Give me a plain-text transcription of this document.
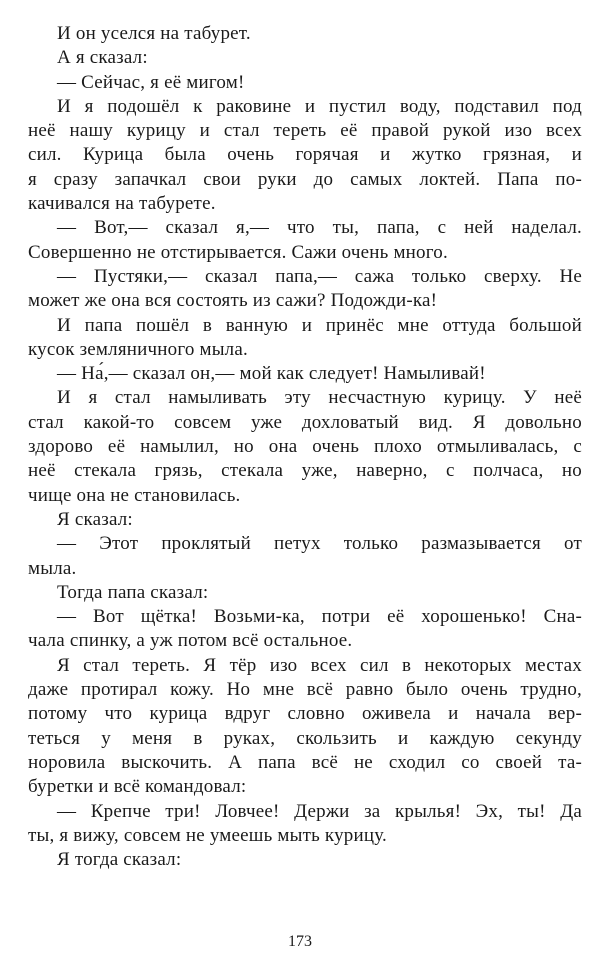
И он уселся на табурет.
А я сказал:
— Сейчас, я её мигом!
И я подошёл к раковине и пустил воду, подставил под
неё нашу курицу и стал тереть её правой рукой изо всех
сил. Курица была очень горячая и жутко грязная, и
я сразу запачкал свои руки до самых локтей. Папа по-
качивался на табурете.
— Вот,— сказал я,— что ты, папа, с ней наделал.
Совершенно не отстирывается. Сажи очень много.
— Пустяки,— сказал папа,— сажа только сверху. Не
может же она вся состоять из сажи? Подожди-ка!
И папа пошёл в ванную и принёс мне оттуда большой
кусок земляничного мыла.
— На́,— сказал он,— мой как следует! Намыливай!
И я стал намыливать эту несчастную курицу. У неё
стал какой-то совсем уже дохловатый вид. Я довольно
здорово её намылил, но она очень плохо отмыливалась, с
неё стекала грязь, стекала уже, наверно, с полчаса, но
чище она не становилась.
Я сказал:
— Этот проклятый петух только размазывается от
мыла.
Тогда папа сказал:
— Вот щётка! Возьми-ка, потри её хорошенько! Сна-
чала спинку, а уж потом всё остальное.
Я стал тереть. Я тёр изо всех сил в некоторых местах
даже протирал кожу. Но мне всё равно было очень трудно,
потому что курица вдруг словно оживела и начала вер-
теться у меня в руках, скользить и каждую секунду
норовила выскочить. А папа всё не сходил со своей та-
буретки и всё командовал:
— Крепче три! Ловчее! Держи за крылья! Эх, ты! Да
ты, я вижу, совсем не умеешь мыть курицу.
Я тогда сказал:
173
